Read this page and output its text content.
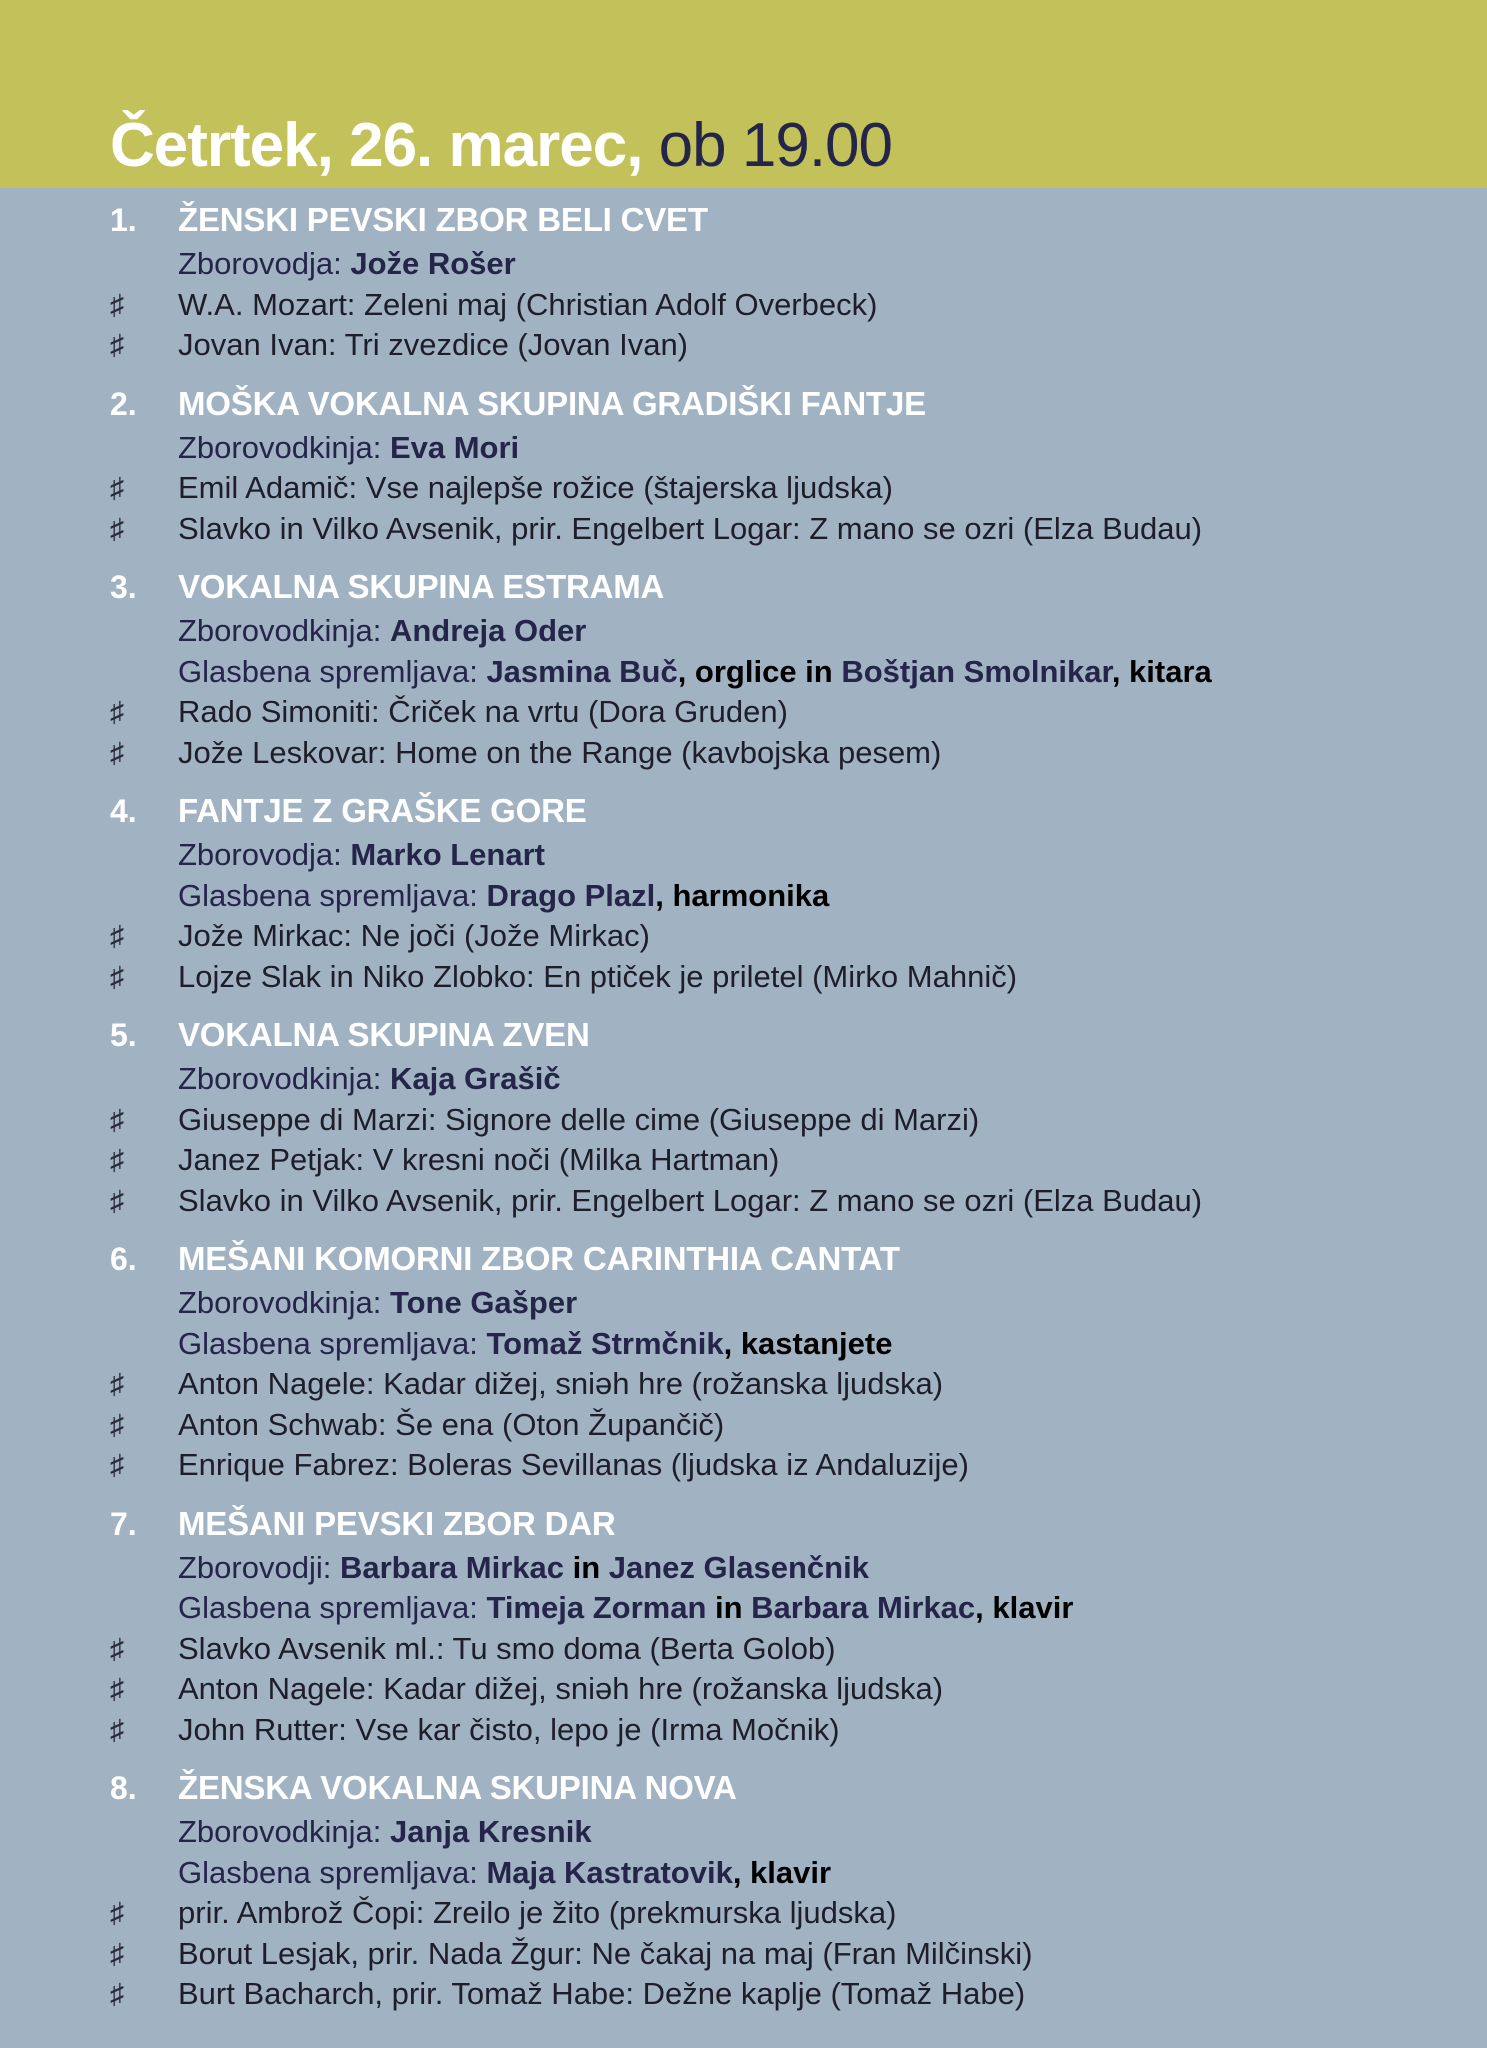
Četrtek, 26. marec, ob 19.00
1. ŽENSKI PEVSKI ZBOR BELI CVET
Zborovodja: Jože Rošer
♯ W.A. Mozart: Zeleni maj (Christian Adolf Overbeck)
♯ Jovan Ivan: Tri zvezdice (Jovan Ivan)
2. MOŠKA VOKALNA SKUPINA GRADIŠKI FANTJE
Zborovodkinja: Eva Mori
♯ Emil Adamič: Vse najlepše rožice (štajerska ljudska)
♯ Slavko in Vilko Avsenik, prir. Engelbert Logar: Z mano se ozri (Elza Budau)
3. VOKALNA SKUPINA ESTRAMA
Zborovodkinja: Andreja Oder
Glasbena spremljava: Jasmina Buč, orglice in Boštjan Smolnikar, kitara
♯ Rado Simoniti: Čriček na vrtu (Dora Gruden)
♯ Jože Leskovar: Home on the Range (kavbojska pesem)
4. FANTJE Z GRAŠKE GORE
Zborovodja: Marko Lenart
Glasbena spremljava: Drago Plazl, harmonika
♯ Jože Mirkac: Ne joči (Jože Mirkac)
♯ Lojze Slak in Niko Zlobko: En ptiček je priletel (Mirko Mahnič)
5. VOKALNA SKUPINA ZVEN
Zborovodkinja: Kaja Grašič
♯ Giuseppe di Marzi: Signore delle cime (Giuseppe di Marzi)
♯ Janez Petjak: V kresni noči (Milka Hartman)
♯ Slavko in Vilko Avsenik, prir. Engelbert Logar: Z mano se ozri (Elza Budau)
6. MEŠANI KOMORNI ZBOR CARINTHIA CANTAT
Zborovodkinja: Tone Gašper
Glasbena spremljava: Tomaž Strmčnik, kastanjete
♯ Anton Nagele: Kadar dižej, sniǝh hre (rožanska ljudska)
♯ Anton Schwab: Še ena (Oton Župančič)
♯ Enrique Fabrez: Boleras Sevillanas (ljudska iz Andaluzije)
7. MEŠANI PEVSKI ZBOR DAR
Zborovodji: Barbara Mirkac in Janez Glasenčnik
Glasbena spremljava: Timeja Zorman in Barbara Mirkac, klavir
♯ Slavko Avsenik ml.: Tu smo doma (Berta Golob)
♯ Anton Nagele: Kadar dižej, sniǝh hre (rožanska ljudska)
♯ John Rutter: Vse kar čisto, lepo je (Irma Močnik)
8. ŽENSKA VOKALNA SKUPINA NOVA
Zborovodkinja: Janja Kresnik
Glasbena spremljava: Maja Kastratovik, klavir
♯ prir. Ambrož Čopi: Zreilo je žito (prekmurska ljudska)
♯ Borut Lesjak, prir. Nada Žgur: Ne čakaj na maj (Fran Milčinski)
♯ Burt Bacharch, prir. Tomaž Habe: Dežne kaplje (Tomaž Habe)
